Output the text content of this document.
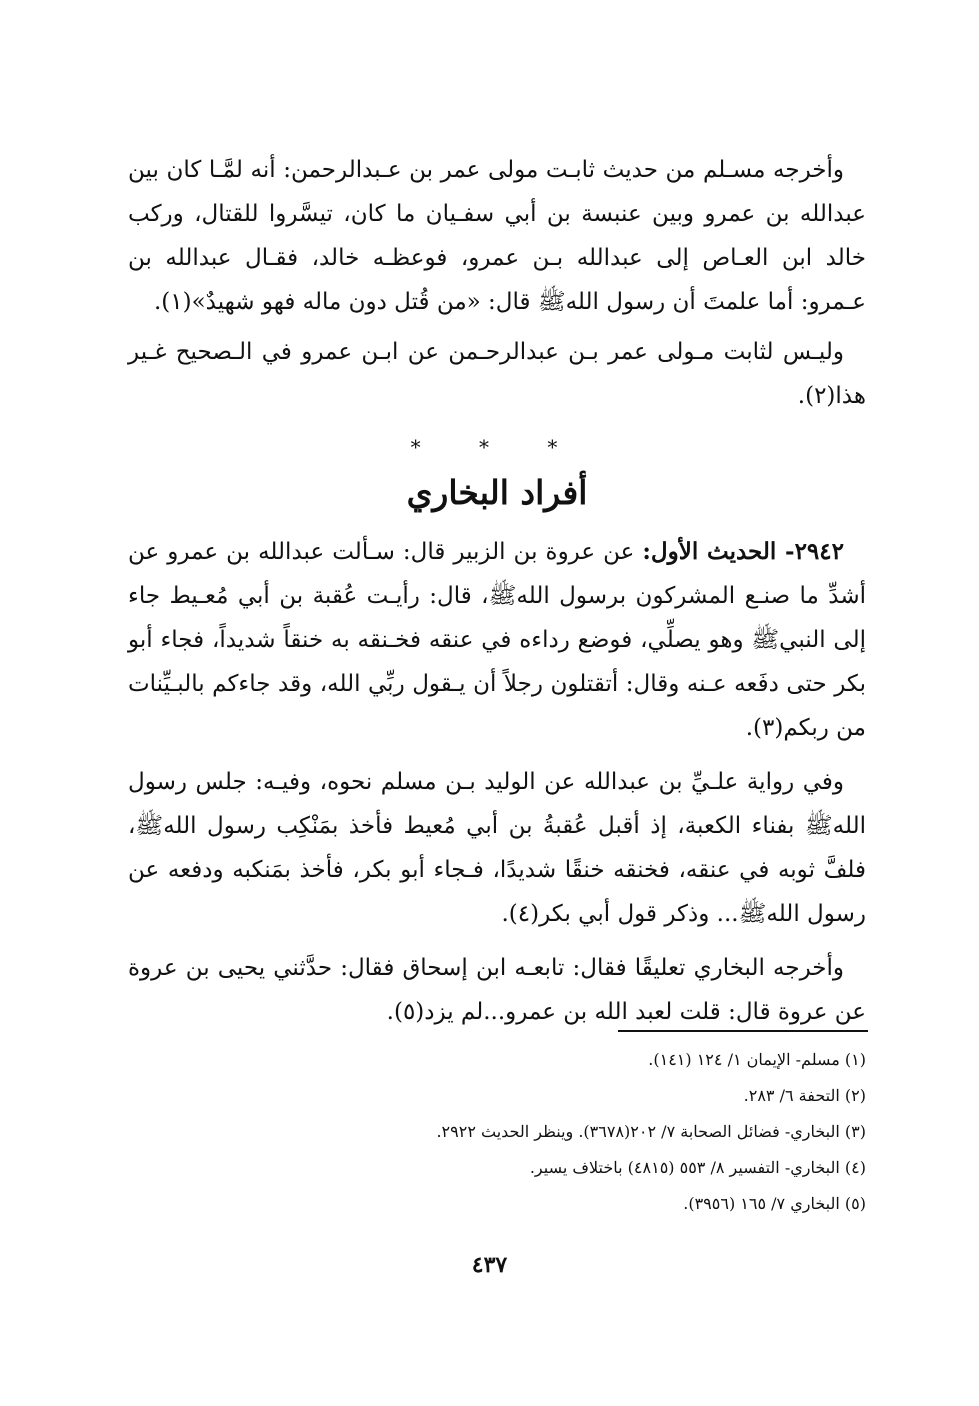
وأخرجه مسـلم من حديث ثابـت مولى عمر بن عـبدالرحمن: أنه لمَّـا كان بين عبدالله بن عمرو وبين عنبسة بن أبي سفـيان ما كان، تيسَّروا للقتال، وركب خالد ابن العـاص إلى عبدالله بـن عمرو، فوعظـه خالد، فقـال عبدالله بن عـمرو: أما علمتَ أن رسول اللهﷺ قال: «من قُتل دون ماله فهو شهيدٌ»(١).

وليـس لثابت مـولى عمر بـن عبدالرحـمن عن ابـن عمرو في الـصحيح غـير هذا(٢).

* * *
أفراد البخاري

٢٩٤٢- الحديث الأول: عن عروة بن الزبير قال: سـألت عبدالله بن عمرو عن أشدِّ ما صنـع المشركون برسول اللهﷺ، قال: رأيـت عُقبة بن أبي مُعـيط جاء إلى النبيﷺ وهو يصلِّي، فوضع رداءه في عنقه فخـنقه به خنقاً شديداً، فجاء أبو بكر حتى دفَعه عـنه وقال: أتقتلون رجلاً أن يـقول ربِّي الله، وقد جاءكم بالبـيِّنات من ربكم(٣).

وفي رواية علـيِّ بن عبدالله عن الوليد بـن مسلم نحوه، وفيـه: جلس رسول اللهﷺ بفناء الكعبة، إذ أقبل عُقبةُ بن أبي مُعيط فأخذ بمَنْكِب رسول اللهﷺ، فلفَّ ثوبه في عنقه، فخنقه خنقًا شديدًا، فـجاء أبو بكر، فأخذ بمَنكبه ودفعه عن رسول اللهﷺ... وذكر قول أبي بكر(٤).

وأخرجه البخاري تعليقًا فقال: تابعـه ابن إسحاق فقال: حدَّثني يحيى بن عروة عن عروة قال: قلت لعبد الله بن عمرو...لم يزد(٥).

(١) مسلم- الإيمان ١/ ١٢٤ (١٤١).

(٢) التحفة ٦/ ٢٨٣.

(٣) البخاري- فضائل الصحابة ٧/ ٢٠٢(٣٦٧٨). وينظر الحديث ٢٩٢٢.

(٤) البخاري- التفسير ٨/ ٥٥٣ (٤٨١٥) باختلاف يسير.

(٥) البخاري ٧/ ١٦٥ (٣٩٥٦).

٤٣٧
